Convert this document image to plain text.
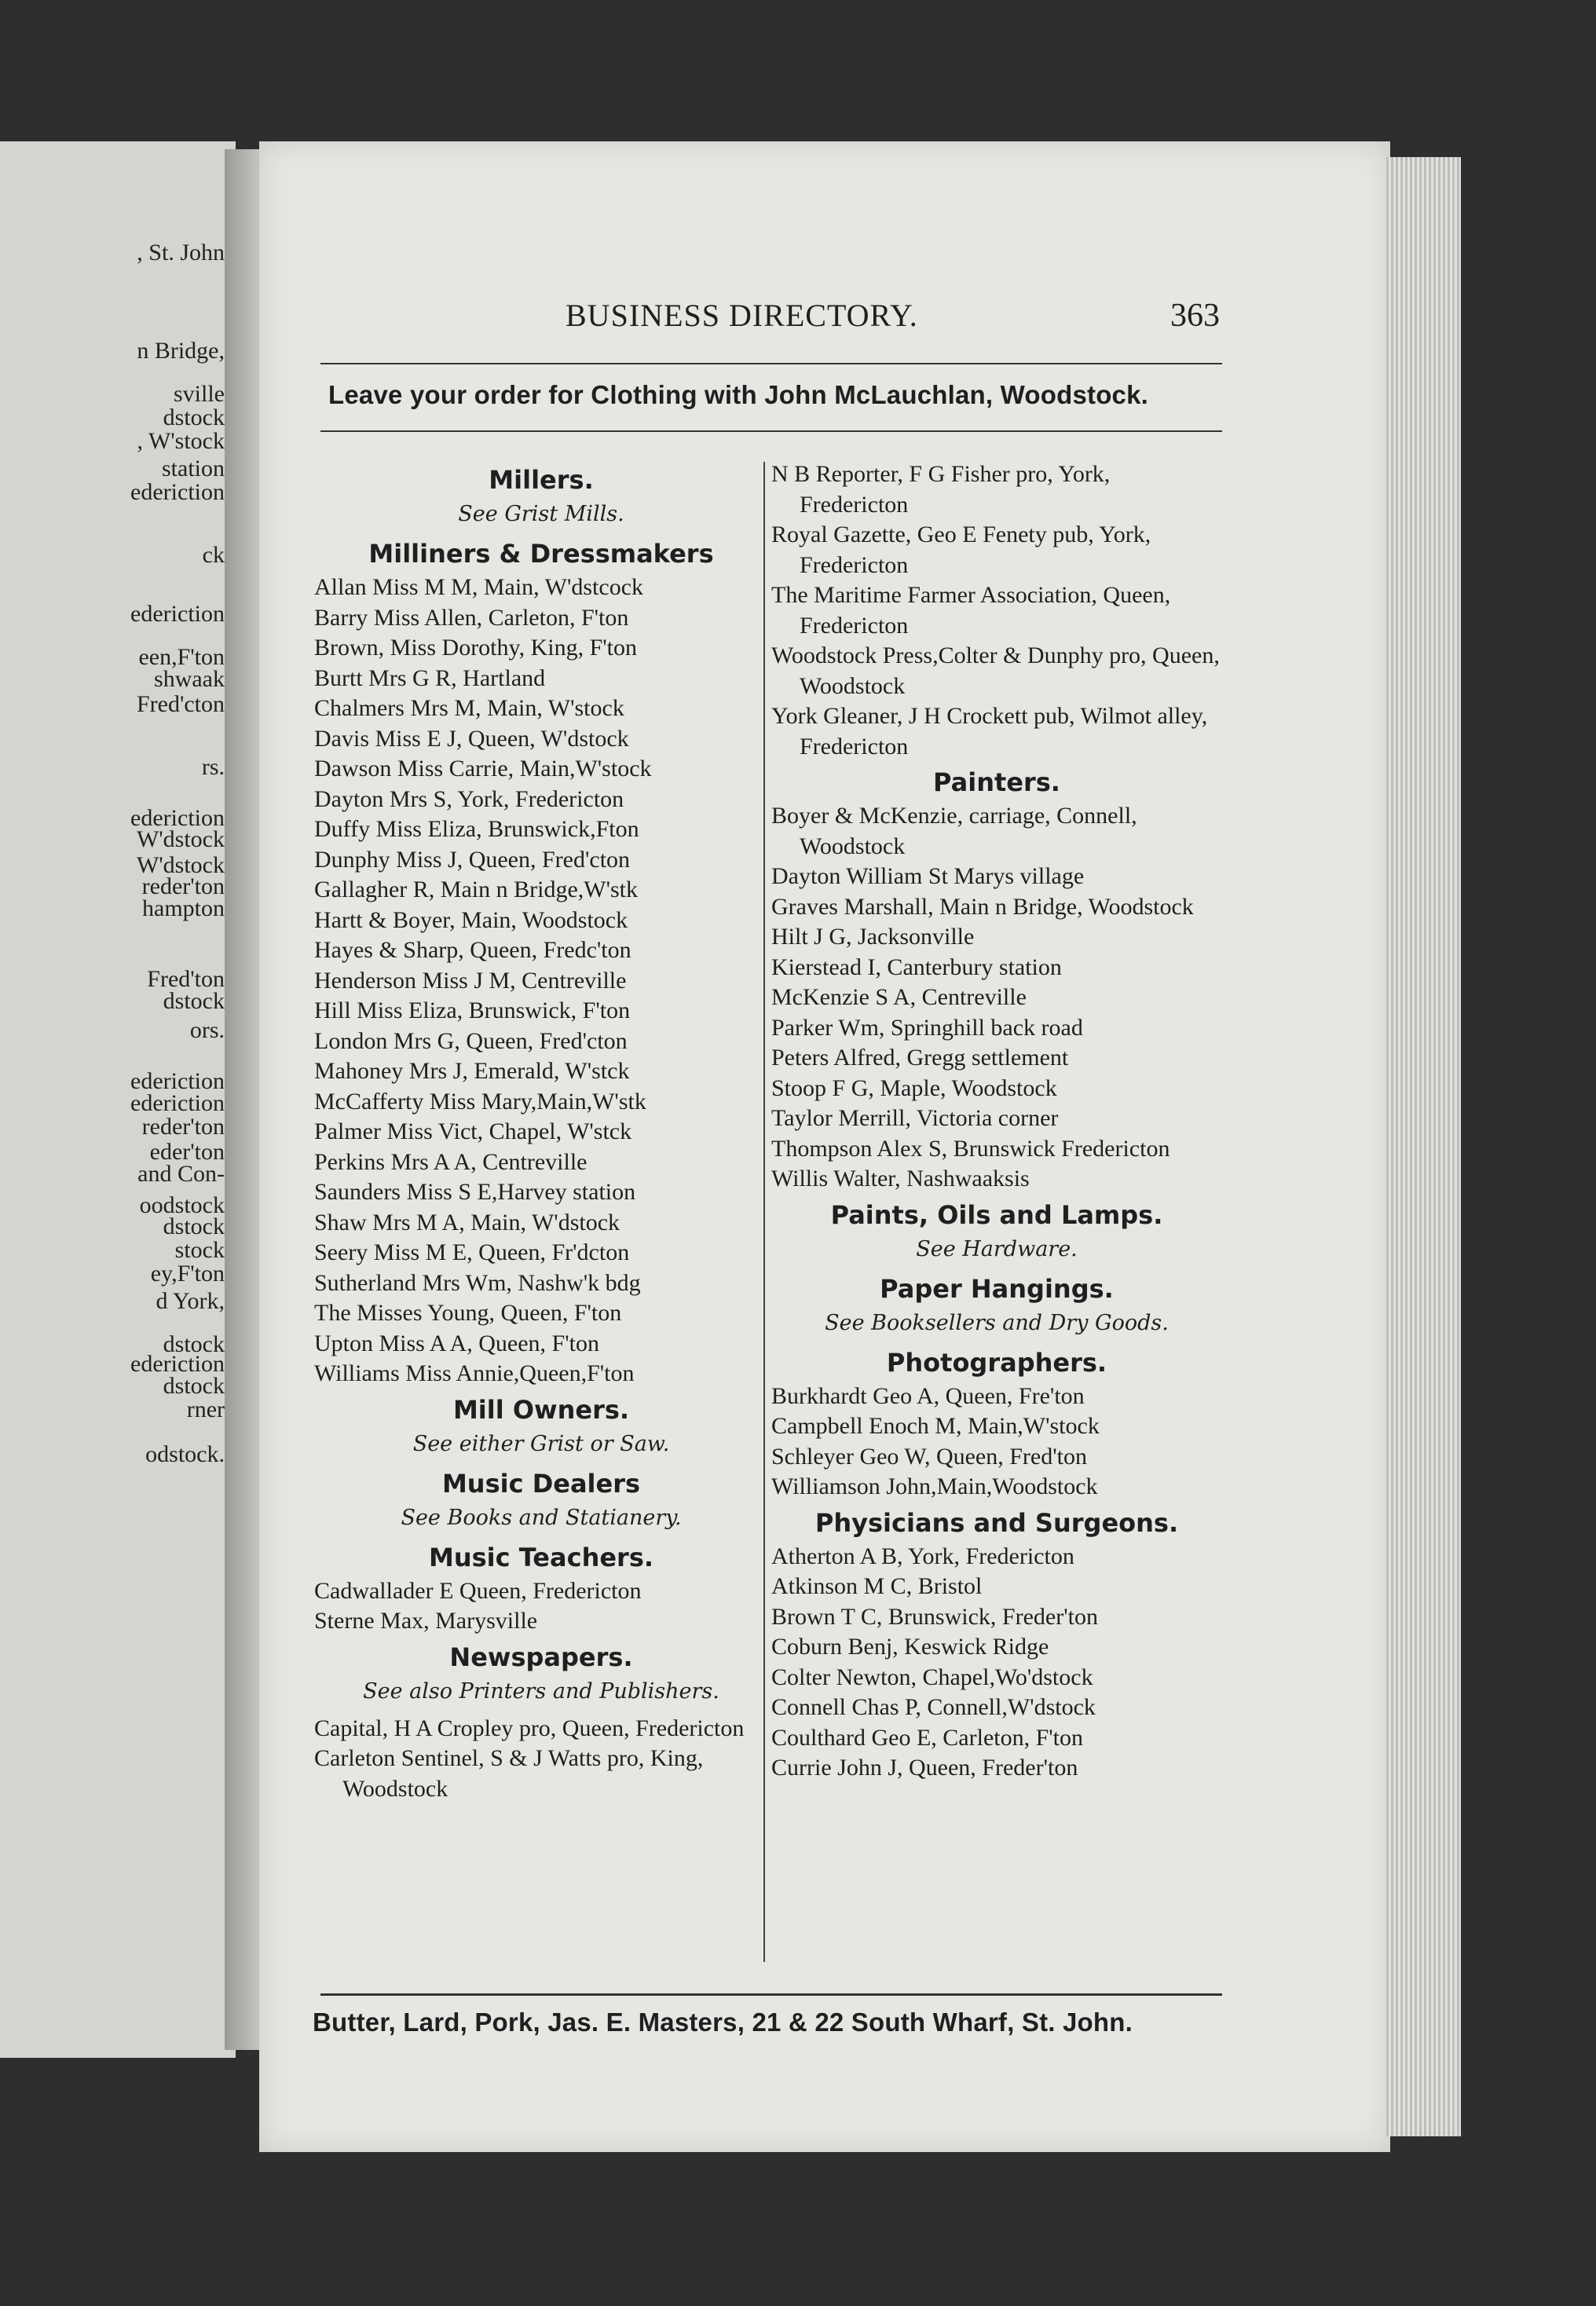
, St. John
n Bridge,
sville
dstock
, W'stock
station
ederiction
ck
ederiction
een,F'ton
shwaak
Fred'cton
rs.
ederiction
W'dstock
W'dstock
reder'ton
hampton
Fred'ton
dstock
ors.
ederiction
ederiction
reder'ton
eder'ton
and Con-
oodstock
dstock
stock
ey,F'ton
d York,
dstock
ederiction
dstock
rner
odstock.
BUSINESS DIRECTORY.	363
Leave your order for Clothing with John McLauchlan, Woodstock.
Millers.
See Grist Mills.
Milliners & Dressmakers
Allan Miss M M, Main, W'dstcock
Barry Miss Allen, Carleton, F'ton
Brown, Miss Dorothy, King, F'ton
Burtt Mrs G R, Hartland
Chalmers Mrs M, Main, W'stock
Davis Miss E J, Queen, W'dstock
Dawson Miss Carrie, Main,W'stock
Dayton Mrs S, York, Fredericton
Duffy Miss Eliza, Brunswick,Fton
Dunphy Miss J, Queen, Fred'cton
Gallagher R, Main n Bridge,W'stk
Hartt & Boyer, Main, Woodstock
Hayes & Sharp, Queen, Fredc'ton
Henderson Miss J M, Centreville
Hill Miss Eliza, Brunswick, F'ton
London Mrs G, Queen, Fred'cton
Mahoney Mrs J, Emerald, W'stck
McCafferty Miss Mary,Main,W'stk
Palmer Miss Vict, Chapel, W'stck
Perkins Mrs A A, Centreville
Saunders Miss S E,Harvey station
Shaw Mrs M A, Main, W'dstock
Seery Miss M E, Queen, Fr'dcton
Sutherland Mrs Wm, Nashw'k bdg
The Misses Young, Queen, F'ton
Upton Miss A A, Queen, F'ton
Williams Miss Annie,Queen,F'ton
Mill Owners.
See either Grist or Saw.
Music Dealers
See Books and Statianery.
Music Teachers.
Cadwallader E Queen, Fredericton
Sterne Max, Marysville
Newspapers.
See also Printers and Publishers.
Capital, H A Cropley pro, Queen, Fredericton
Carleton Sentinel, S & J Watts pro, King, Woodstock
N B Reporter, F G Fisher pro, York, Fredericton
Royal Gazette, Geo E Fenety pub, York, Fredericton
The Maritime Farmer Association, Queen, Fredericton
Woodstock Press,Colter & Dunphy pro, Queen, Woodstock
York Gleaner, J H Crockett pub, Wilmot alley, Fredericton
Painters.
Boyer & McKenzie, carriage, Connell, Woodstock
Dayton William St Marys village
Graves Marshall, Main n Bridge, Woodstock
Hilt J G, Jacksonville
Kierstead I, Canterbury station
McKenzie S A, Centreville
Parker Wm, Springhill back road
Peters Alfred, Gregg settlement
Stoop F G, Maple, Woodstock
Taylor Merrill, Victoria corner
Thompson Alex S, Brunswick Fredericton
Willis Walter, Nashwaaksis
Paints, Oils and Lamps.
See Hardware.
Paper Hangings.
See Booksellers and Dry Goods.
Photographers.
Burkhardt Geo A, Queen, Fre'ton
Campbell Enoch M, Main,W'stock
Schleyer Geo W, Queen, Fred'ton
Williamson John,Main,Woodstock
Physicians and Surgeons.
Atherton A B, York, Fredericton
Atkinson M C, Bristol
Brown T C, Brunswick, Freder'ton
Coburn Benj, Keswick Ridge
Colter Newton, Chapel,Wo'dstock
Connell Chas P, Connell,W'dstock
Coulthard Geo E, Carleton, F'ton
Currie John J, Queen, Freder'ton
Butter, Lard, Pork, Jas. E. Masters, 21 & 22 South Wharf, St. John.
